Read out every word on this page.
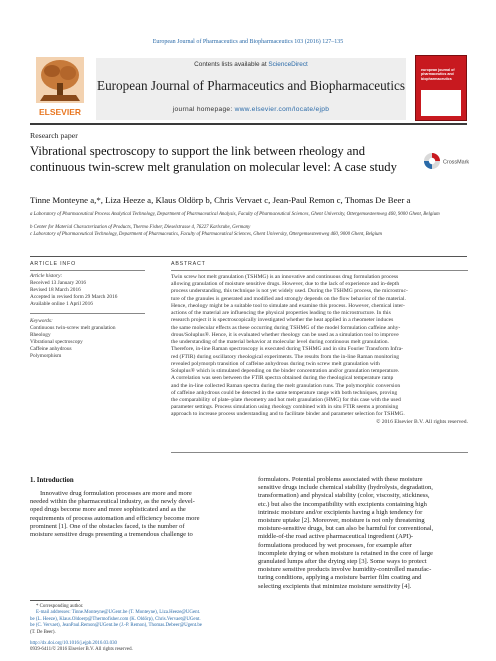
European Journal of Pharmaceutics and Biopharmaceutics 103 (2016) 127–135
Contents lists available at ScienceDirect
European Journal of Pharmaceutics and Biopharmaceutics
journal homepage: www.elsevier.com/locate/ejpb
ELSEVIER
european journal of pharmaceutics and biopharmaceutics
Research paper
Vibrational spectroscopy to support the link between rheology and continuous twin-screw melt granulation on molecular level: A case study	CrossMark
Tinne Monteyne a,*, Liza Heeze a, Klaus Oldörp b, Chris Vervaet c, Jean-Paul Remon c, Thomas De Beer a
a Laboratory of Pharmaceutical Process Analytical Technology, Department of Pharmaceutical Analysis, Faculty of Pharmaceutical Sciences, Ghent University, Ottergemsesteenweg 460, 9000 Ghent, Belgium
b Center for Material Characterization of Products, Thermo Fisher, Dieselstrasse 4, 76227 Karlsruhe, Germany
c Laboratory of Pharmaceutical Technology, Department of Pharmaceutics, Faculty of Pharmaceutical Sciences, Ghent University, Ottergemsesteenweg 460, 9000 Ghent, Belgium
ARTICLE INFO
Article history:
Received 13 January 2016
Revised 18 March 2016
Accepted in revised form 29 March 2016
Available online 1 April 2016
Keywords:
Continuous twin-screw melt granulation
Rheology
Vibrational spectroscopy
Caffeine anhydrous
Polymorphism
ABSTRACT
Twin screw hot melt granulation (TSHMG) is an innovative and continuous drug formulation process
allowing granulation of moisture sensitive drugs. However, due to the lack of experience and in-depth
process understanding, this technique is not yet widely used. During the TSHMG process, the microstruc-
ture of the granules is generated and modified and strongly depends on the flow behavior of the material.
Hence, rheology might be a suitable tool to simulate and examine this process. However, chemical inter-
actions of the material are influencing the physical properties leading to the microstructure. In this
research project it is spectroscopically investigated whether the heat applied in a rheometer induces
the same molecular effects as these occurring during TSHMG of the model formulation caffeine anhy-
drous/Soluplus®. Hence, it is evaluated whether rheology can be used as a simulation tool to improve
the understanding of the material behavior at molecular level during continuous melt granulation.
Therefore, in-line Raman spectroscopy is executed during TSHMG and in situ Fourier Transform Infra-
red (FTIR) during oscillatory rheological experiments. The results from the in-line Raman monitoring
revealed polymorph transition of caffeine anhydrous during twin screw melt granulation with
Soluplus® which is stimulated depending on the binder concentration and/or granulation temperature.
A correlation was seen between the FTIR spectra obtained during the rheological temperature ramp
and the in-line collected Raman spectra during the melt granulation runs. The polymorphic conversion
of caffeine anhydrous could be detected in the same temperature range with both techniques, proving
the comparability of plate–plate rheometry and hot melt granulation (HMG) for this case with the used
parameter settings. Process simulation using rheology combined with in situ FTIR seems a promising
approach to increase process understanding and to facilitate binder and parameter selection for TSHMG.
© 2016 Elsevier B.V. All rights reserved.
1. Introduction
Innovative drug formulation processes are more and more
needed within the pharmaceutical industry, as the newly devel-
oped drugs become more and more sophisticated and as the
requirements of process automation and efficiency become more
prominent [1]. One of the obstacles faced, is the number of
moisture sensitive drugs presenting a tremendous challenge to
formulators. Potential problems associated with these moisture
sensitive drugs include chemical stability (hydrolysis, degradation,
transformation) and physical stability (color, viscosity, stickiness,
etc.) but also the incompatibility with excipients containing high
intrinsic moisture and/or excipients having a high tendency for
moisture uptake [2]. Moreover, moisture is not only threatening
moisture-sensitive drugs, but can also be harmful for conventional,
middle-of-the road active pharmaceutical ingredient (API)-
formulations produced by wet processes, for example after
incomplete drying or when moisture is retained in the core of large
granulated lumps after the drying step [3]. Some ways to protect
moisture sensitive products involve humidity-controlled manufac-
turing conditions, applying a moisture barrier film coating and
selecting excipients that minimize moisture sensitivity [4].
* Corresponding author.
E-mail addresses: Tinne.Monteyne@UGent.be (T. Monteyne), Liza.Heeze@UGent.
be (L. Heeze), Klaus.Oldoerp@Thermofisher.com (K. Oldörp), Chris.Vervaet@UGent.
be (C. Vervaet), JeanPaul.Remon@UGent.be (J.-P. Remon), Thomas.Debeer@Ugent.be
(T. De Beer).
http://dx.doi.org/10.1016/j.ejpb.2016.03.030
0939-6411/© 2016 Elsevier B.V. All rights reserved.
